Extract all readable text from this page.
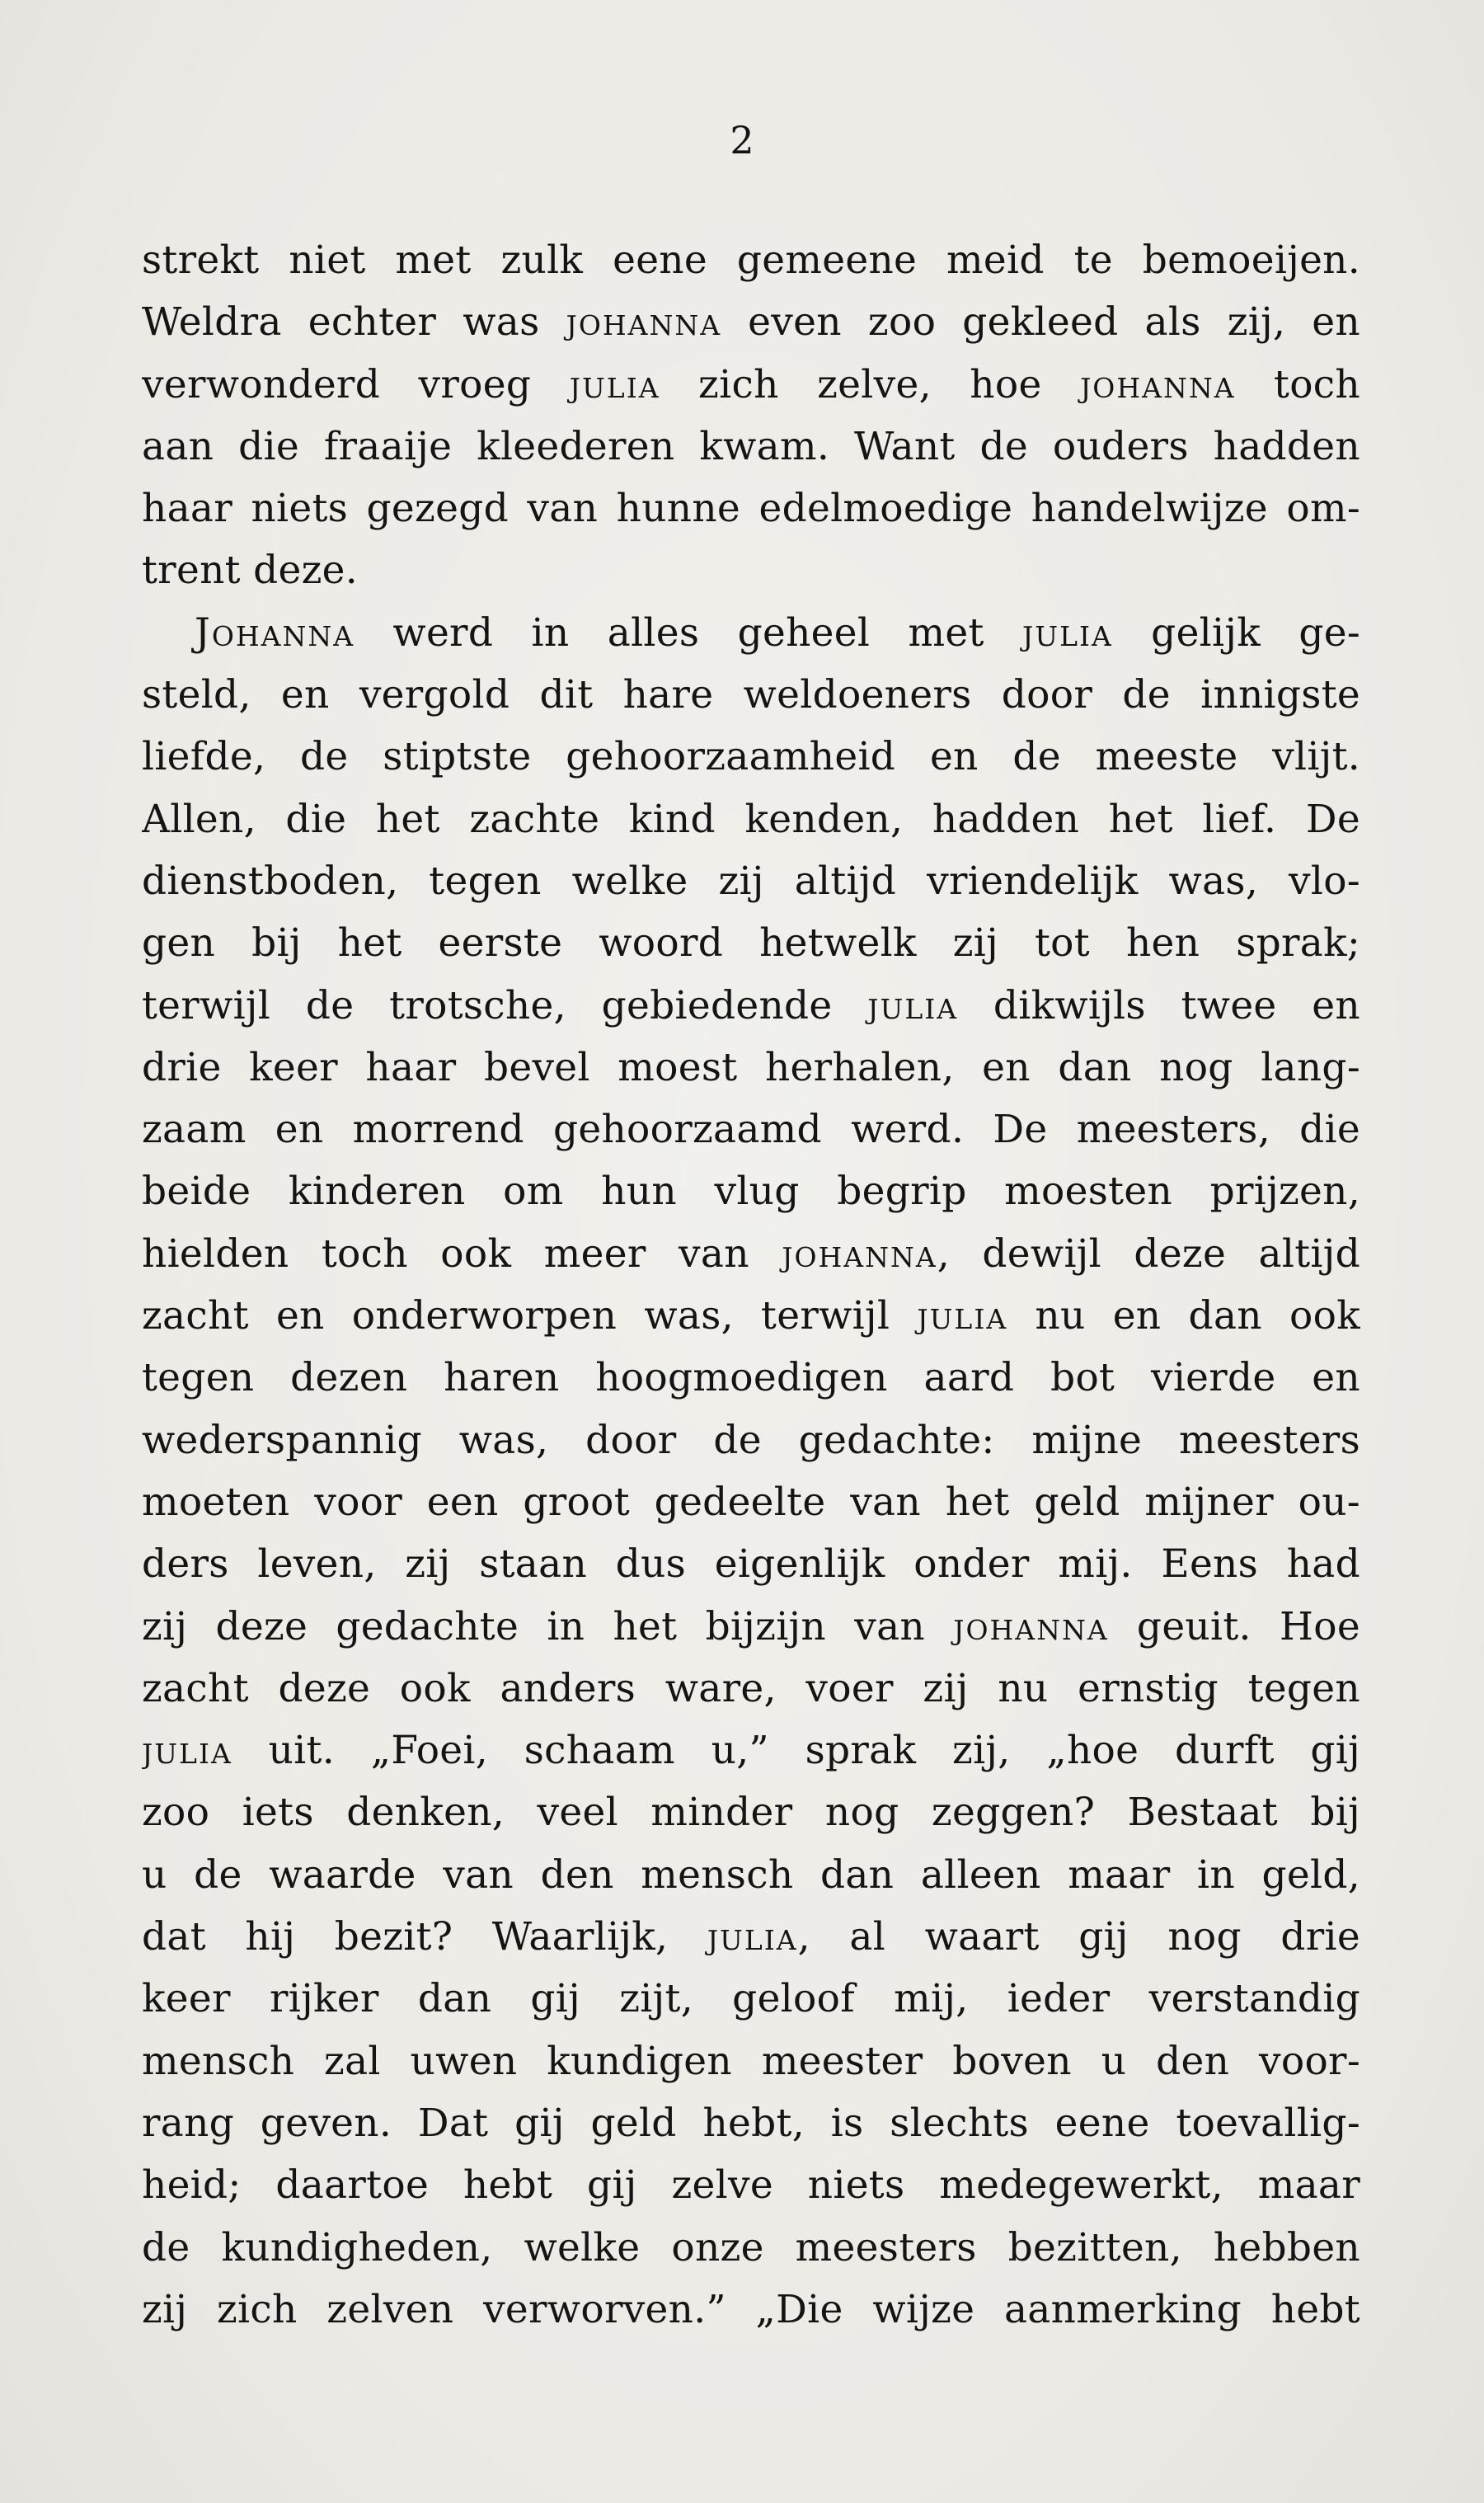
2
strekt niet met zulk eene gemeene meid te bemoeijen.
Weldra echter was johanna even zoo gekleed als zij, en
verwonderd vroeg julia zich zelve, hoe johanna toch
aan die fraaije kleederen kwam. Want de ouders hadden
haar niets gezegd van hunne edelmoedige handelwijze om-
trent deze.
Johanna werd in alles geheel met julia gelijk ge-
steld, en vergold dit hare weldoeners door de innigste
liefde, de stiptste gehoorzaamheid en de meeste vlijt.
Allen, die het zachte kind kenden, hadden het lief. De
dienstboden, tegen welke zij altijd vriendelijk was, vlo-
gen bij het eerste woord hetwelk zij tot hen sprak;
terwijl de trotsche, gebiedende julia dikwijls twee en
drie keer haar bevel moest herhalen, en dan nog lang-
zaam en morrend gehoorzaamd werd. De meesters, die
beide kinderen om hun vlug begrip moesten prijzen,
hielden toch ook meer van johanna, dewijl deze altijd
zacht en onderworpen was, terwijl julia nu en dan ook
tegen dezen haren hoogmoedigen aard bot vierde en
wederspannig was, door de gedachte: mijne meesters
moeten voor een groot gedeelte van het geld mijner ou-
ders leven, zij staan dus eigenlijk onder mij. Eens had
zij deze gedachte in het bijzijn van johanna geuit. Hoe
zacht deze ook anders ware, voer zij nu ernstig tegen
julia uit. „Foei, schaam u,” sprak zij, „hoe durft gij
zoo iets denken, veel minder nog zeggen? Bestaat bij
u de waarde van den mensch dan alleen maar in geld,
dat hij bezit? Waarlijk, julia, al waart gij nog drie
keer rijker dan gij zijt, geloof mij, ieder verstandig
mensch zal uwen kundigen meester boven u den voor-
rang geven. Dat gij geld hebt, is slechts eene toevallig-
heid; daartoe hebt gij zelve niets medegewerkt, maar
de kundigheden, welke onze meesters bezitten, hebben
zij zich zelven verworven.” „Die wijze aanmerking hebt
